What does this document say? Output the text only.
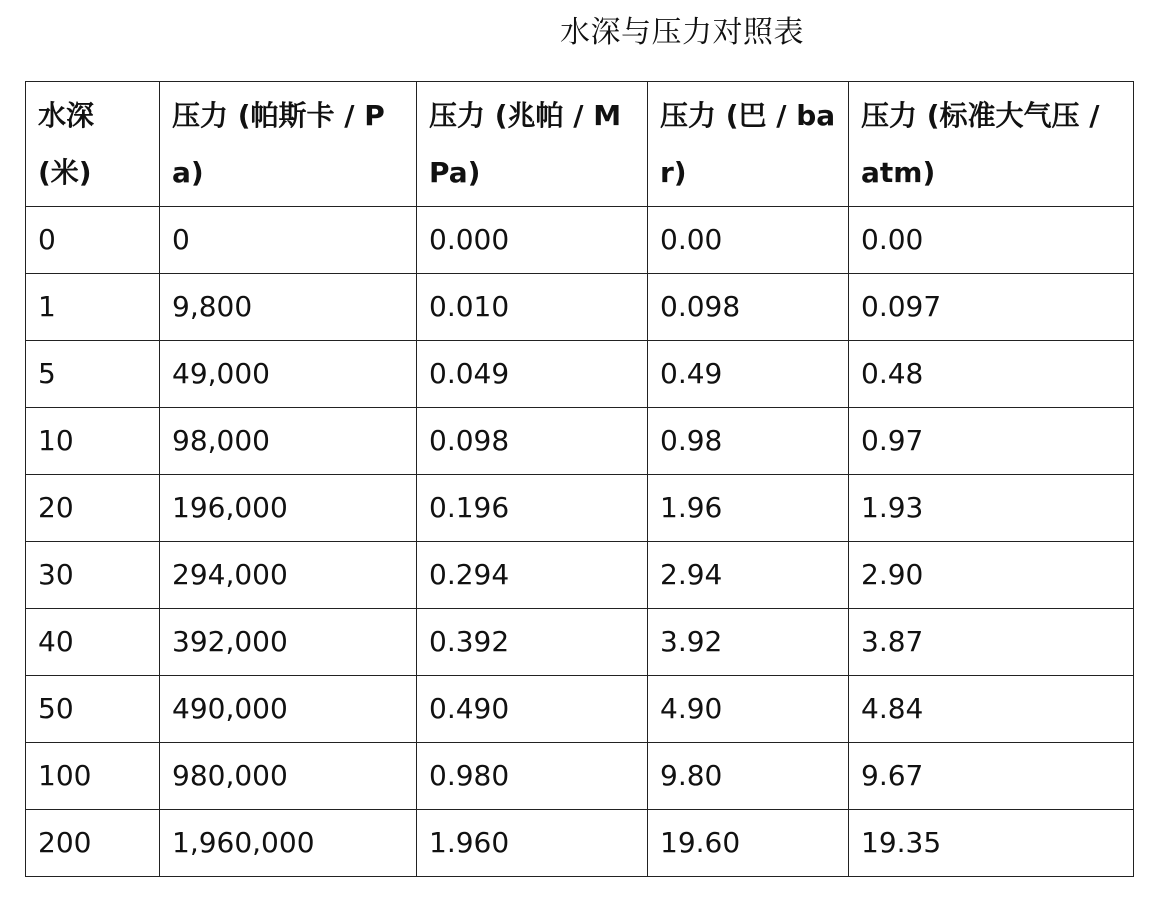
水深与压力对照表
水深 (米)	压力 (帕斯卡 / Pa)	压力 (兆帕 / MPa)	压力 (巴 / bar)	压力 (标准大气压 / atm)
0	0	0.000	0.00	0.00
1	9,800	0.010	0.098	0.097
5	49,000	0.049	0.49	0.48
10	98,000	0.098	0.98	0.97
20	196,000	0.196	1.96	1.93
30	294,000	0.294	2.94	2.90
40	392,000	0.392	3.92	3.87
50	490,000	0.490	4.90	4.84
100	980,000	0.980	9.80	9.67
200	1,960,000	1.960	19.60	19.35
